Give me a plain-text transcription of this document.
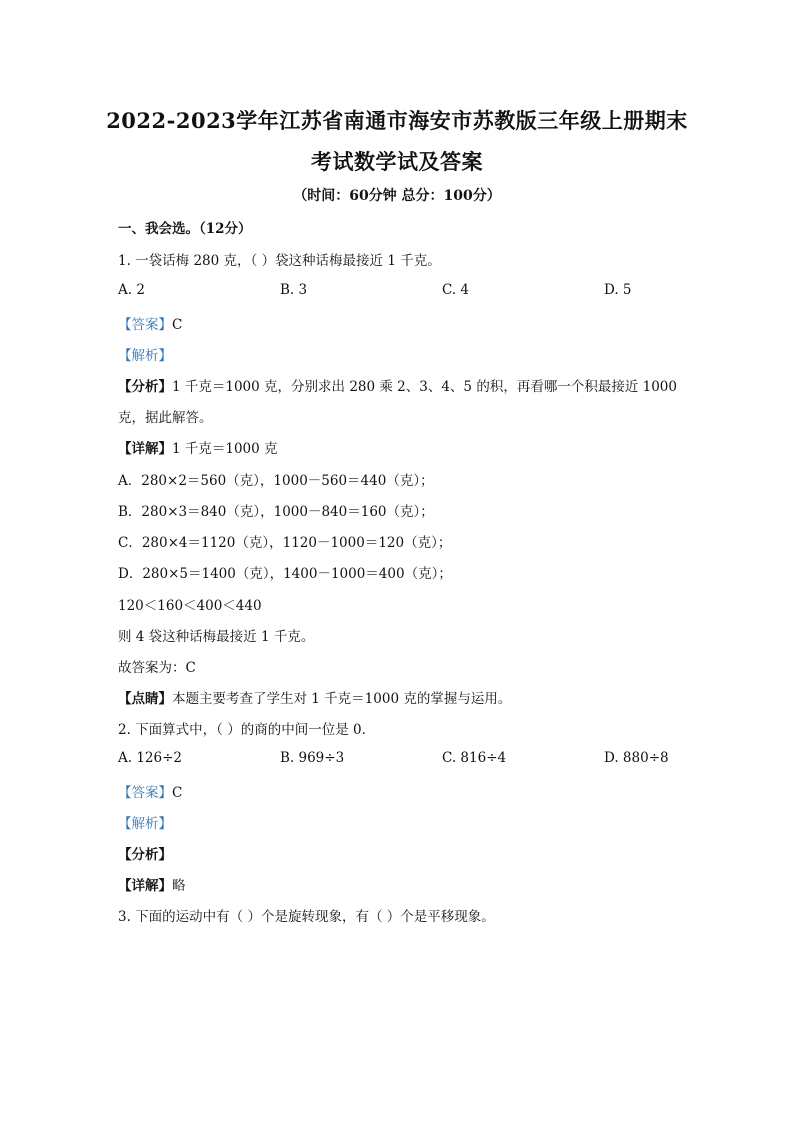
2022-2023学年江苏省南通市海安市苏教版三年级上册期末
考试数学试及答案
（时间：60分钟 总分：100分）
一、我会选。（12分）
1. 一袋话梅 280 克，（ ）袋这种话梅最接近 1 千克。
A. 2	B. 3	C. 4	D. 5
【答案】C
【解析】
【分析】1 千克＝1000 克，分别求出 280 乘 2、3、4、5 的积，再看哪一个积最接近 1000
克，据此解答。
【详解】1 千克＝1000 克
A．280×2＝560（克），1000－560＝440（克）；
B．280×3＝840（克），1000－840＝160（克）；
C．280×4＝1120（克），1120－1000＝120（克）；
D．280×5＝1400（克），1400－1000＝400（克）；
120＜160＜400＜440
则 4 袋这种话梅最接近 1 千克。
故答案为：C
【点睛】本题主要考查了学生对 1 千克＝1000 克的掌握与运用。
2. 下面算式中，（ ）的商的中间一位是 0．
A. 126÷2	B. 969÷3	C. 816÷4	D. 880÷8
【答案】C
【解析】
【分析】
【详解】略
3. 下面的运动中有（ ）个是旋转现象，有（ ）个是平移现象。
